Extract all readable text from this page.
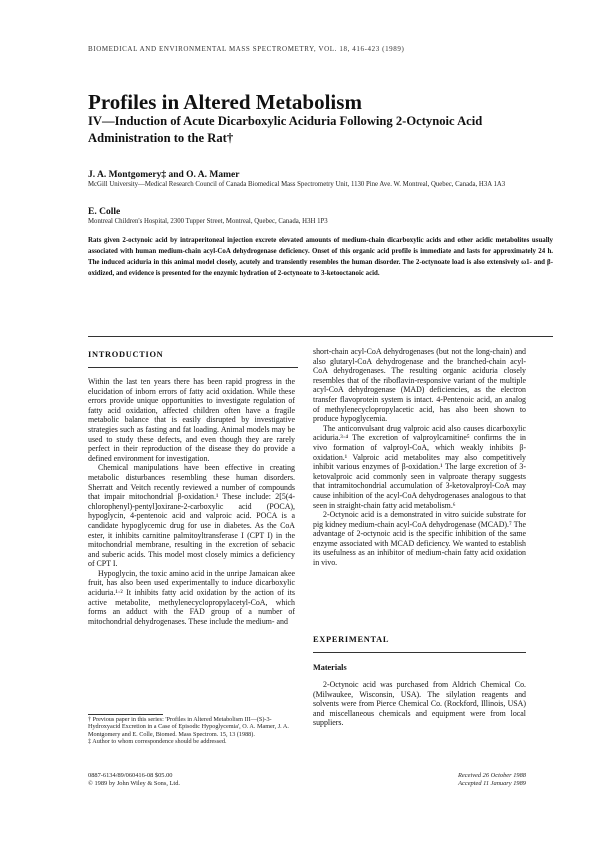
BIOMEDICAL AND ENVIRONMENTAL MASS SPECTROMETRY, VOL. 18, 416-423 (1989)
Profiles in Altered Metabolism
IV—Induction of Acute Dicarboxylic Aciduria Following 2-Octynoic Acid Administration to the Rat†
J. A. Montgomery‡ and O. A. Mamer
McGill University—Medical Research Council of Canada Biomedical Mass Spectrometry Unit, 1130 Pine Ave. W. Montreal, Quebec, Canada, H3A 1A3
E. Colle
Montreal Children's Hospital, 2300 Tupper Street, Montreal, Quebec, Canada, H3H 1P3
Rats given 2-octynoic acid by intraperitoneal injection excrete elevated amounts of medium-chain dicarboxylic acids and other acidic metabolites usually associated with human medium-chain acyl-CoA dehydrogenase deficiency. Onset of this organic acid profile is immediate and lasts for approximately 24 h. The induced aciduria in this animal model closely, acutely and transiently resembles the human disorder. The 2-octynoate load is also extensively ω1- and β-oxidized, and evidence is presented for the enzymic hydration of 2-octynoate to 3-ketooctanoic acid.
INTRODUCTION

Within the last ten years there has been rapid progress in the elucidation of inborn errors of fatty acid oxidation. While these errors provide unique opportunities to investigate regulation of fatty acid oxidation, affected children often have a fragile metabolic balance that is easily disrupted by investigative strategies such as fasting and fat loading. Animal models may be used to study these defects, and even though they are rarely perfect in their reproduction of the disease they do provide a defined environment for investigation.

Chemical manipulations have been effective in creating metabolic disturbances resembling these human disorders. Sherratt and Veitch recently reviewed a number of compounds that impair mitochondrial β-oxidation.¹ These include: 2[5(4-chlorophenyl)-pentyl]oxirane-2-carboxylic acid (POCA), hypoglycin, 4-pentenoic acid and valproic acid. POCA is a candidate hypoglycemic drug for use in diabetes. As the CoA ester, it inhibits carnitine palmitoyltransferase I (CPT I) in the mitochondrial membrane, resulting in the excretion of sebacic and suberic acids. This model most closely mimics a deficiency of CPT I.

Hypoglycin, the toxic amino acid in the unripe Jamaican akee fruit, has also been used experimentally to induce dicarboxylic aciduria.¹·² It inhibits fatty acid oxidation by the action of its active metabolite, methylenecyclopropylacetyl-CoA, which forms an adduct with the FAD group of a number of mitochondrial dehydrogenases. These include the medium- and

short-chain acyl-CoA dehydrogenases (but not the long-chain) and also glutaryl-CoA dehydrogenase and the branched-chain acyl-CoA dehydrogenases. The resulting organic aciduria closely resembles that of the riboflavin-responsive variant of the multiple acyl-CoA dehydrogenase (MAD) deficiencies, as the electron transfer flavoprotein system is intact. 4-Pentenoic acid, an analog of methylenecyclopropylacetic acid, has also been shown to produce hypoglycemia.

The anticonvulsant drug valproic acid also causes dicarboxylic aciduria.³·⁴ The excretion of valproylcarnitine⁵ confirms the in vivo formation of valproyl-CoA, which weakly inhibits β-oxidation.¹ Valproic acid metabolites may also competitively inhibit various enzymes of β-oxidation.¹ The large excretion of 3-ketovalproic acid commonly seen in valproate therapy suggests that intramitochondrial accumulation of 3-ketovalproyl-CoA may cause inhibition of the acyl-CoA dehydrogenases analogous to that seen in straight-chain fatty acid metabolism.⁶

2-Octynoic acid is a demonstrated in vitro suicide substrate for pig kidney medium-chain acyl-CoA dehydrogenase (MCAD).⁷ The advantage of 2-octynoic acid is the specific inhibition of the same enzyme associated with MCAD deficiency. We wanted to establish its usefulness as an inhibitor of medium-chain fatty acid oxidation in vivo.

EXPERIMENTAL
Materials

2-Octynoic acid was purchased from Aldrich Chemical Co. (Milwaukee, Wisconsin, USA). The silylation reagents and solvents were from Pierce Chemical Co. (Rockford, Illinois, USA) and miscellaneous chemicals and equipment were from local suppliers.

† Previous paper in this series: 'Profiles in Altered Metabolism III—(S)-3-Hydroxyacid Excretion in a Case of Episodic Hypoglycemia', O. A. Mamer, J. A. Montgomery and E. Colle, Biomed. Mass Spectrom. 15, 13 (1988).

‡ Author to whom correspondence should be addressed.

0887-6134/89/060416-08 $05.00
© 1989 by John Wiley & Sons, Ltd.
Received 26 October 1988
Accepted 11 January 1989
